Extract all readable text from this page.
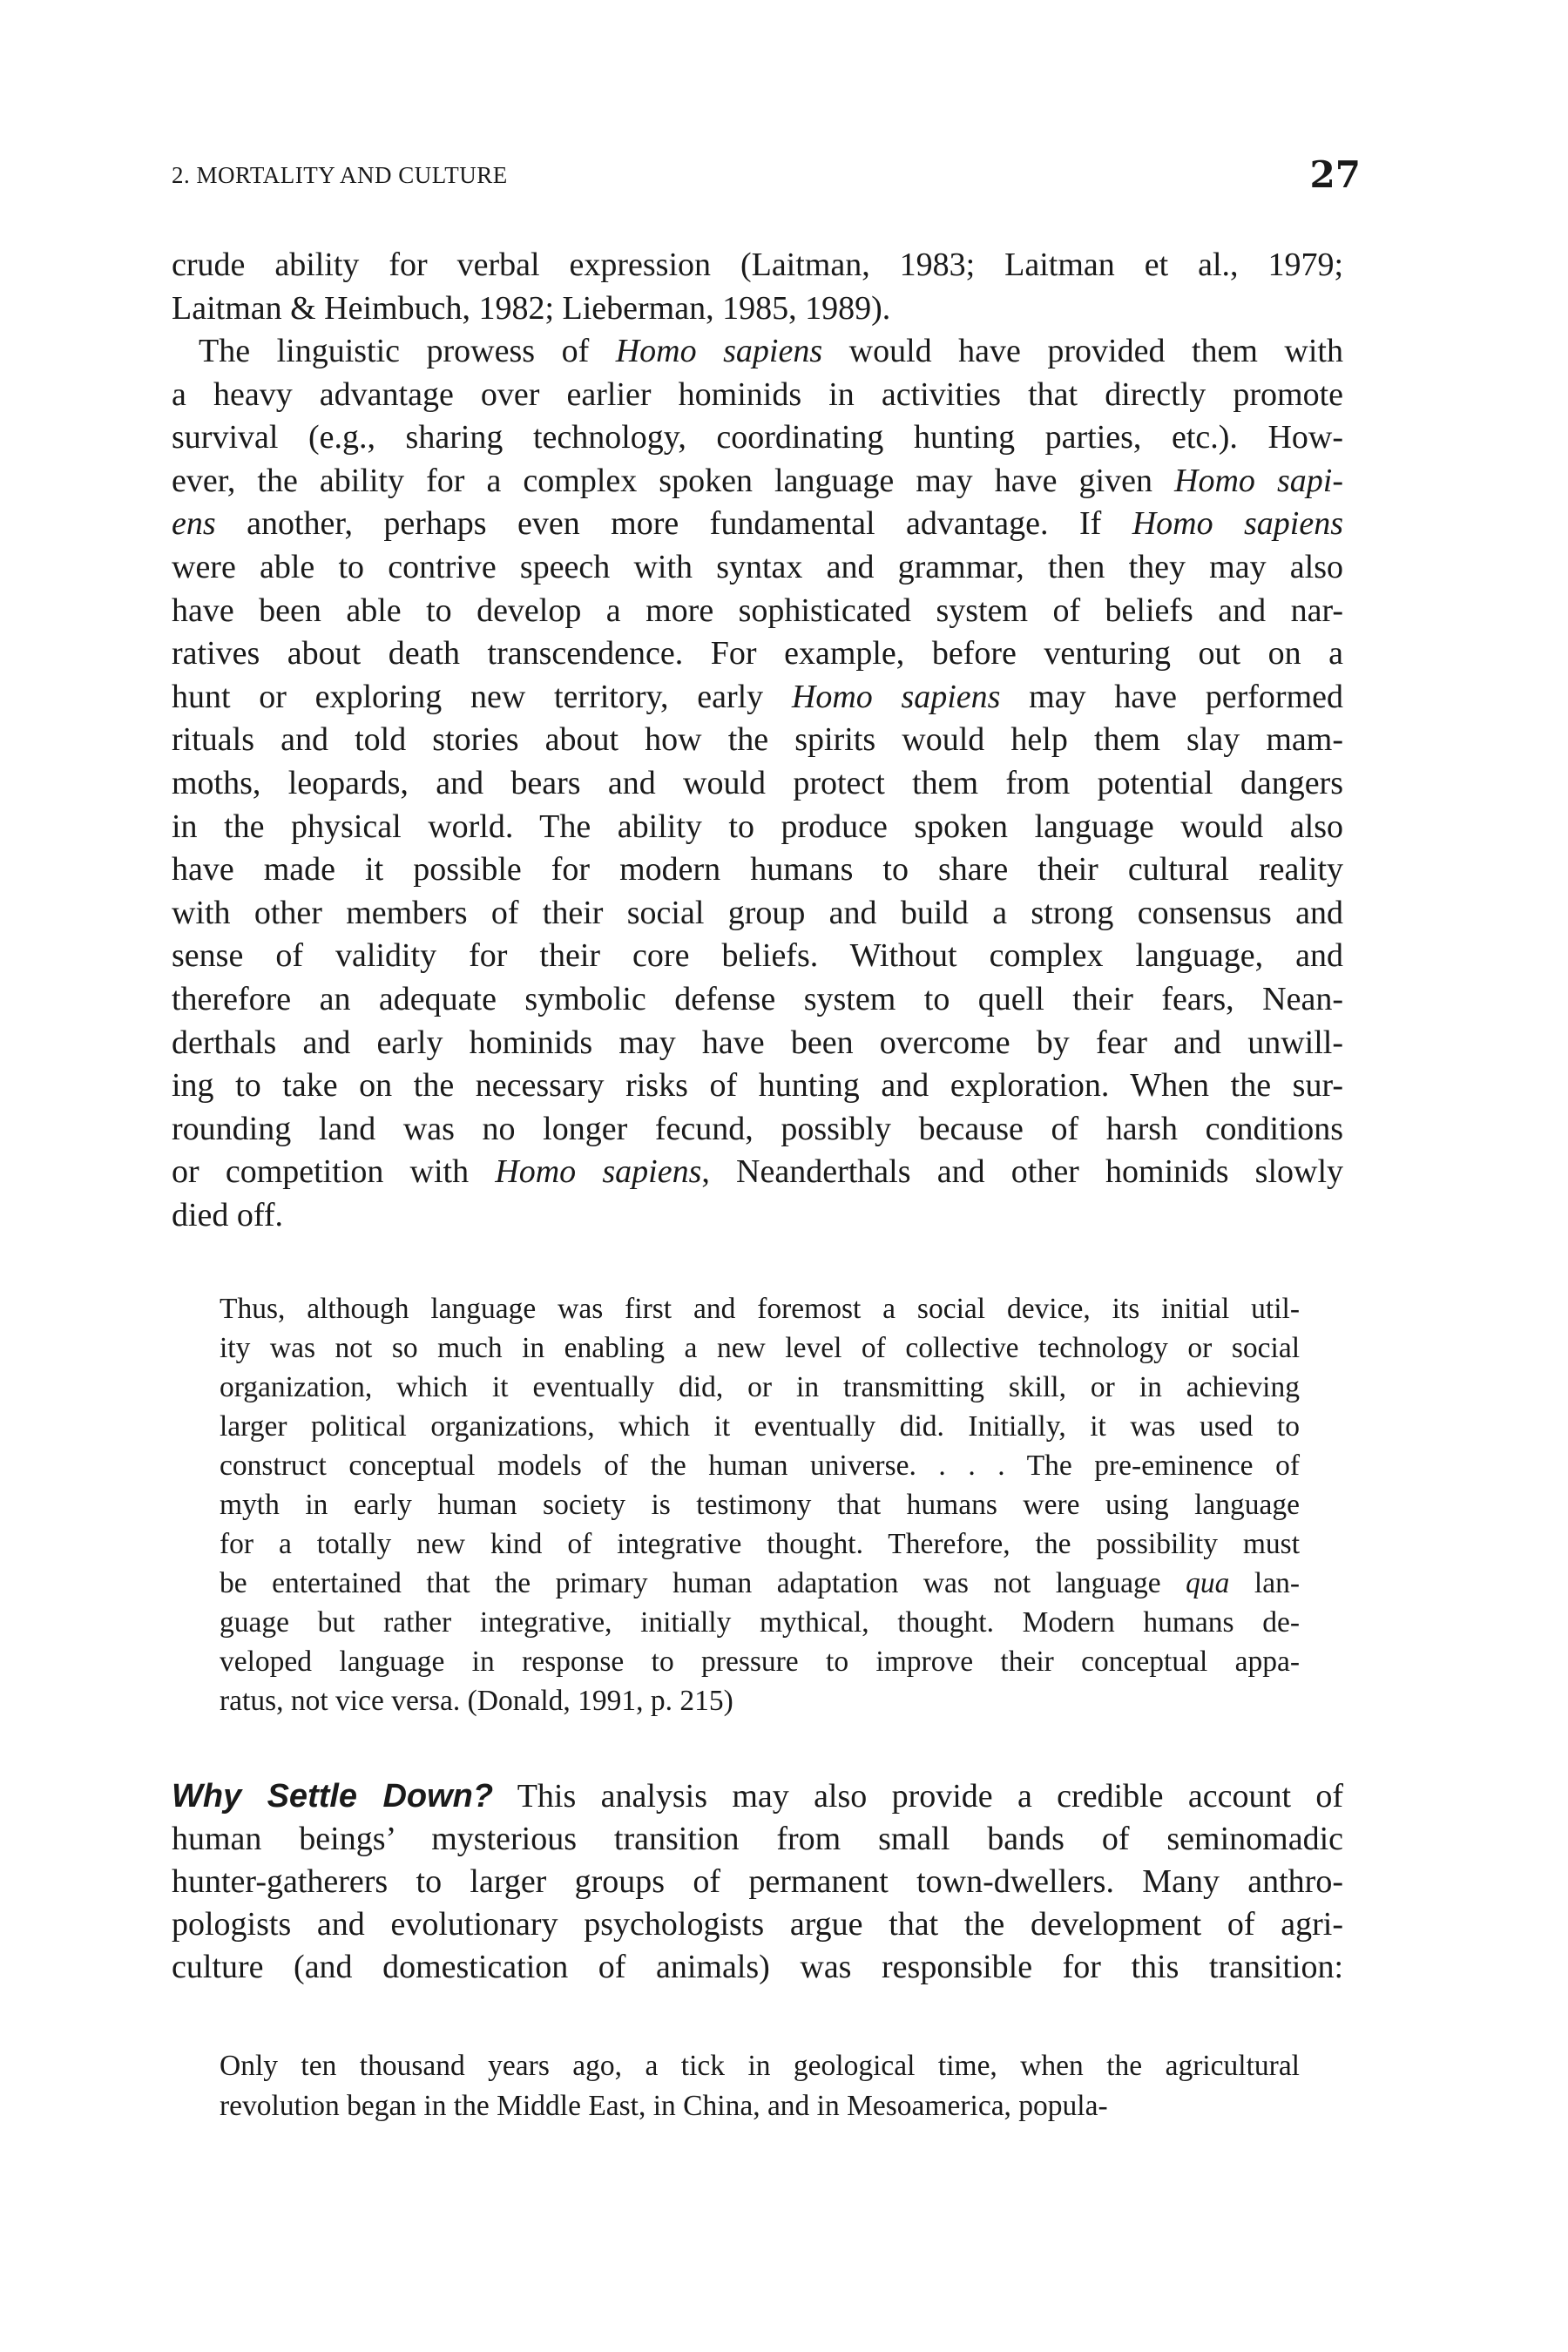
2. MORTALITY AND CULTURE	27
crude ability for verbal expression (Laitman, 1983; Laitman et al., 1979;
Laitman & Heimbuch, 1982; Lieberman, 1985, 1989).
The linguistic prowess of Homo sapiens would have provided them with
a heavy advantage over earlier hominids in activities that directly promote
survival (e.g., sharing technology, coordinating hunting parties, etc.). How-
ever, the ability for a complex spoken language may have given Homo sapi-
ens another, perhaps even more fundamental advantage. If Homo sapiens
were able to contrive speech with syntax and grammar, then they may also
have been able to develop a more sophisticated system of beliefs and nar-
ratives about death transcendence. For example, before venturing out on a
hunt or exploring new territory, early Homo sapiens may have performed
rituals and told stories about how the spirits would help them slay mam-
moths, leopards, and bears and would protect them from potential dangers
in the physical world. The ability to produce spoken language would also
have made it possible for modern humans to share their cultural reality
with other members of their social group and build a strong consensus and
sense of validity for their core beliefs. Without complex language, and
therefore an adequate symbolic defense system to quell their fears, Nean-
derthals and early hominids may have been overcome by fear and unwill-
ing to take on the necessary risks of hunting and exploration. When the sur-
rounding land was no longer fecund, possibly because of harsh conditions
or competition with Homo sapiens, Neanderthals and other hominids slowly
died off.
Thus, although language was first and foremost a social device, its initial util-
ity was not so much in enabling a new level of collective technology or social
organization, which it eventually did, or in transmitting skill, or in achieving
larger political organizations, which it eventually did. Initially, it was used to
construct conceptual models of the human universe. . . . The pre-eminence of
myth in early human society is testimony that humans were using language
for a totally new kind of integrative thought. Therefore, the possibility must
be entertained that the primary human adaptation was not language qua lan-
guage but rather integrative, initially mythical, thought. Modern humans de-
veloped language in response to pressure to improve their conceptual appa-
ratus, not vice versa. (Donald, 1991, p. 215)
Why Settle Down? This analysis may also provide a credible account of
human beings’ mysterious transition from small bands of seminomadic
hunter-gatherers to larger groups of permanent town-dwellers. Many anthro-
pologists and evolutionary psychologists argue that the development of agri-
culture (and domestication of animals) was responsible for this transition:
Only ten thousand years ago, a tick in geological time, when the agricultural
revolution began in the Middle East, in China, and in Mesoamerica, popula-
